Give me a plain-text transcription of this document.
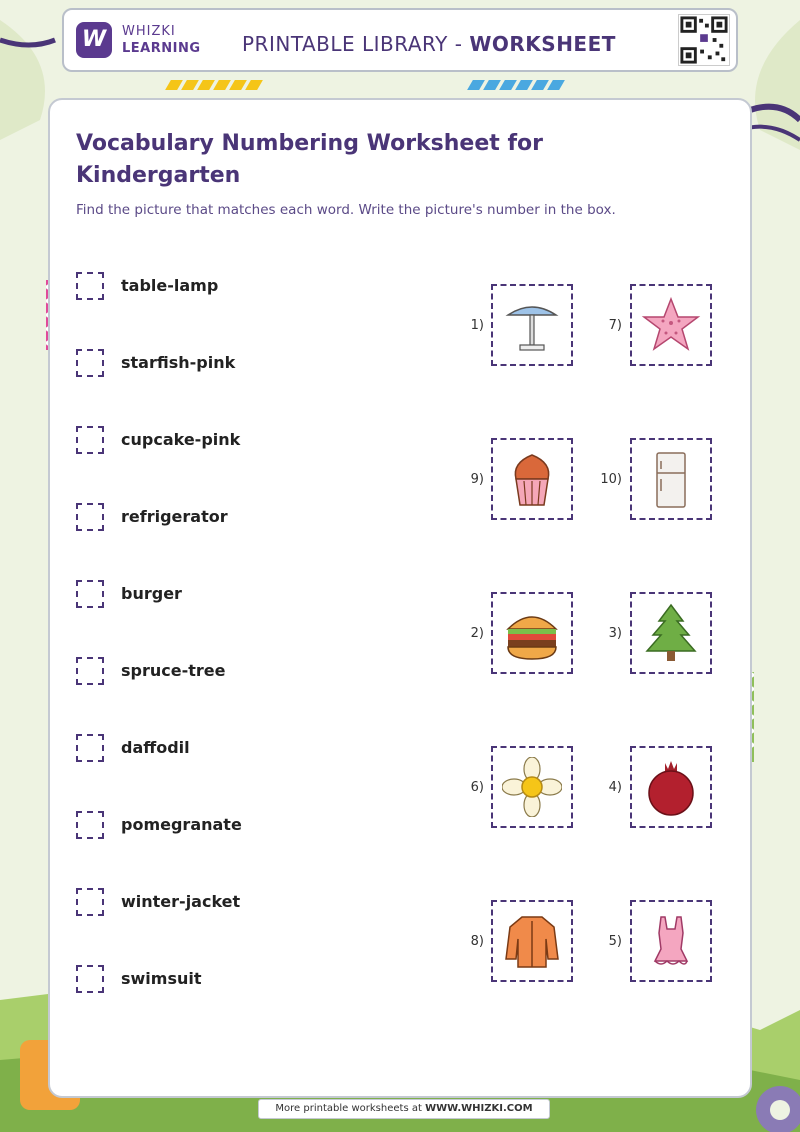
W	WHIZKI
LEARNING PRINTABLE LIBRARY - WORKSHEET
Vocabulary Numbering Worksheet for Kindergarten
Find the picture that matches each word. Write the picture's number in the box.
table-lamp
starfish-pink
cupcake-pink
refrigerator
burger
spruce-tree
daffodil
pomegranate
winter-jacket
swimsuit
1)	7)
9)	10)
2)	3)
6)	4)
8)	5)
More printable worksheets at WWW.WHIZKI.COM
